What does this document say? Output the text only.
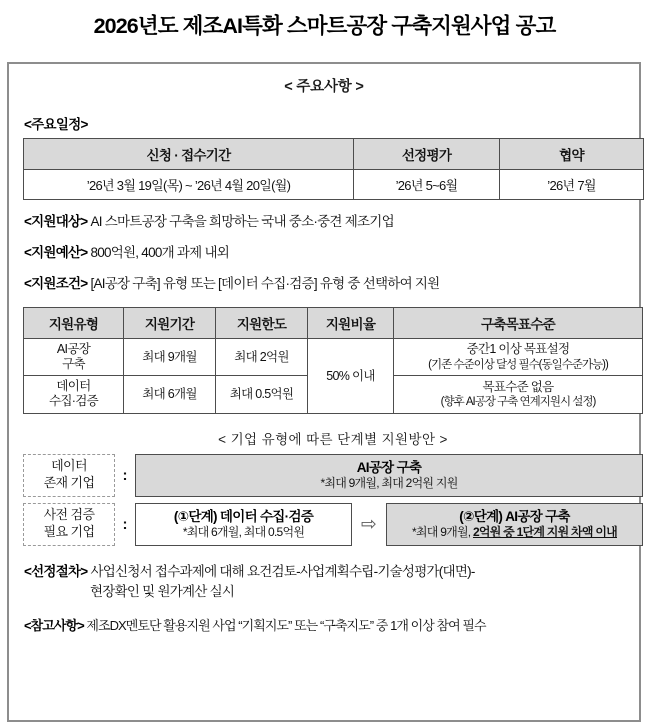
2026년도 제조AI특화 스마트공장 구축지원사업 공고
< 주요사항 >
<주요일정>
신청 · 접수기간	선정평가	협약
’26년 3월 19일(목) ~ ’26년 4월 20일(월)	’26년 5~6월	’26년 7월
<지원대상> AI 스마트공장 구축을 희망하는 국내 중소·중견 제조기업
<지원예산> 800억원, 400개 과제 내외
<지원조건> [AI공장 구축] 유형 또는 [데이터 수집·검증] 유형 중 선택하여 지원
지원유형	지원기간	지원한도	지원비율	구축목표수준
AI공장
구축	최대 9개월	최대 2억원	50% 이내	중간1 이상 목표설정
(기존 수준이상 달성 필수(동일수준가능))

데이터
수집·검증	최대 6개월	최대 0.5억원		목표수준 없음
(향후 AI공장 구축 연계지원시 설정)
< 기업 유형에 따른 단계별 지원방안 >
데이터
존재 기업	:	AI공장 구축
*최대 9개월, 최대 2억원 지원
사전 검증
필요 기업	:	(①단계) 데이터 수집·검증
*최대 6개월, 최대 0.5억원	⇨	(②단계) AI공장 구축
*최대 9개월, 2억원 중 1단계 지원 차액 이내
<선정절차> 사업신청서 접수과제에 대해 요건검토-사업계획수립-기술성평가(대면)-
현장확인 및 원가계산 실시
<참고사항> 제조DX멘토단 활용지원 사업 “기획지도” 또는 “구축지도” 중 1개 이상 참여 필수
